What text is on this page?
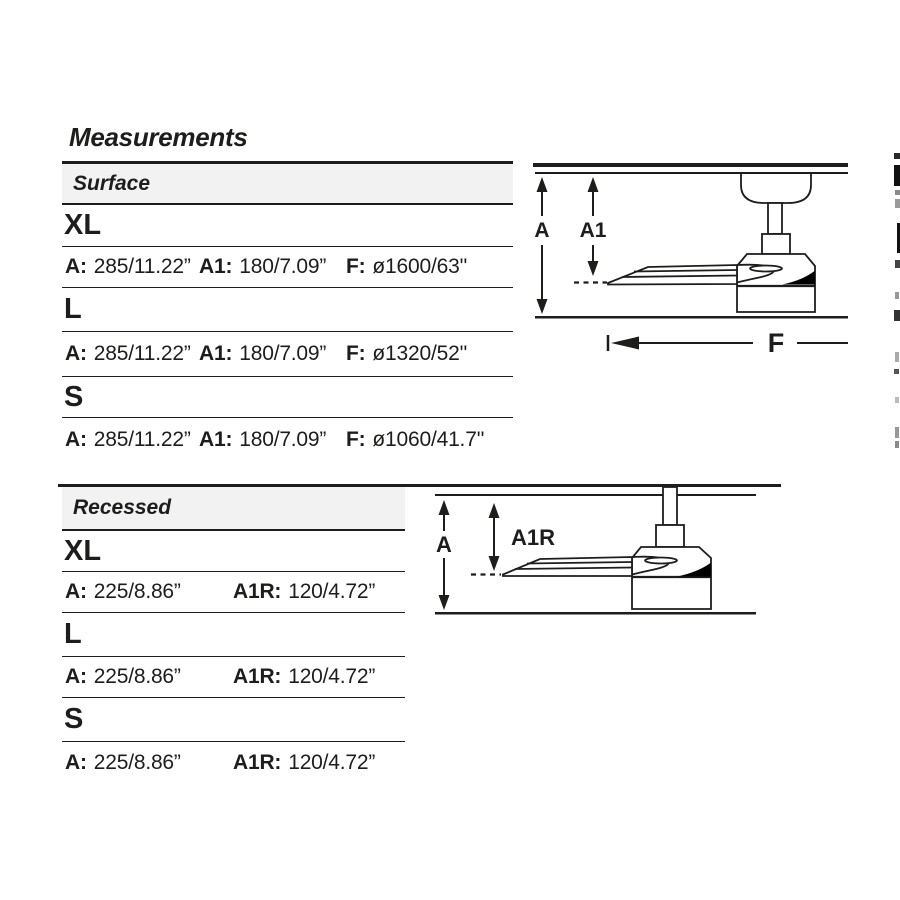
Measurements
Surface
XL
A: 285/11.22” A1: 180/7.09” F: ø1600/63''
L
A: 285/11.22” A1: 180/7.09” F: ø1320/52''
S
A: 285/11.22” A1: 180/7.09” F: ø1060/41.7''
A A1
F
Recessed
XL
A: 225/8.86”	A1R: 120/4.72”
L
A: 225/8.86”	A1R: 120/4.72”
S
A: 225/8.86”	A1R: 120/4.72”
A	A1R
